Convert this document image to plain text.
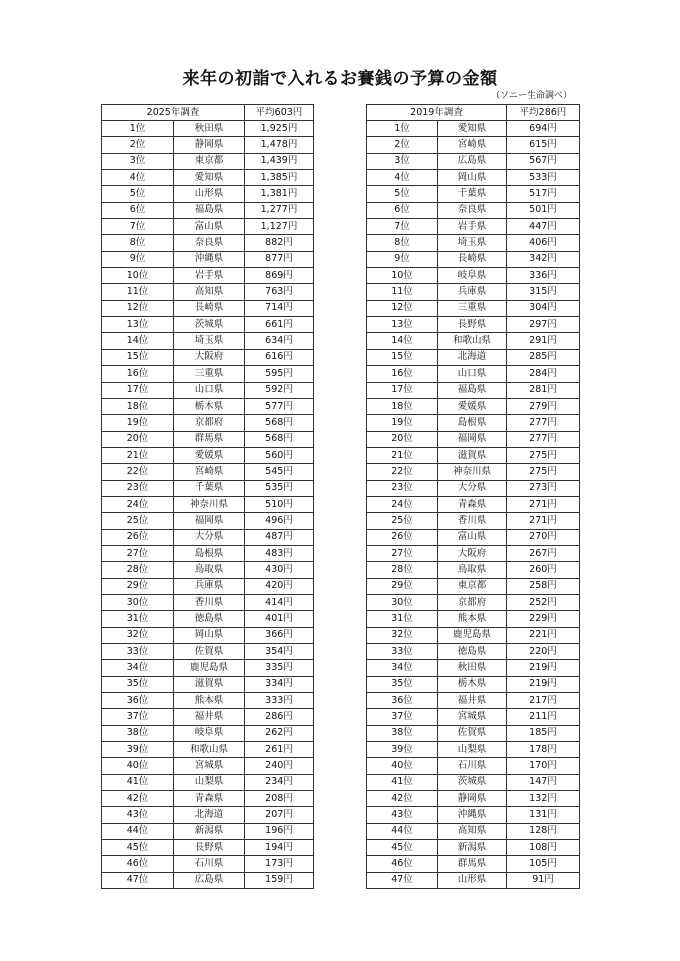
来年の初詣で入れるお賽銭の予算の金額
（ソニー生命調べ）
2025年調査		平均603円
1位	秋田県	1,925円
2位	静岡県	1,478円
3位	東京都	1,439円
4位	愛知県	1,385円
5位	山形県	1,381円
6位	福島県	1,277円
7位	富山県	1,127円
8位	奈良県	882円
9位	沖縄県	877円
10位	岩手県	869円
11位	高知県	763円
12位	長崎県	714円
13位	茨城県	661円
14位	埼玉県	634円
15位	大阪府	616円
16位	三重県	595円
17位	山口県	592円
18位	栃木県	577円
19位	京都府	568円
20位	群馬県	568円
21位	愛媛県	560円
22位	宮崎県	545円
23位	千葉県	535円
24位	神奈川県	510円
25位	福岡県	496円
26位	大分県	487円
27位	島根県	483円
28位	鳥取県	430円
29位	兵庫県	420円
30位	香川県	414円
31位	徳島県	401円
32位	岡山県	366円
33位	佐賀県	354円
34位	鹿児島県	335円
35位	滋賀県	334円
36位	熊本県	333円
37位	福井県	286円
38位	岐阜県	262円
39位	和歌山県	261円
40位	宮城県	240円
41位	山梨県	234円
42位	青森県	208円
43位	北海道	207円
44位	新潟県	196円
45位	長野県	194円
46位	石川県	173円
47位	広島県	159円
2019年調査		平均286円
1位	愛知県	694円
2位	宮崎県	615円
3位	広島県	567円
4位	岡山県	533円
5位	千葉県	517円
6位	奈良県	501円
7位	岩手県	447円
8位	埼玉県	406円
9位	長崎県	342円
10位	岐阜県	336円
11位	兵庫県	315円
12位	三重県	304円
13位	長野県	297円
14位	和歌山県	291円
15位	北海道	285円
16位	山口県	284円
17位	福島県	281円
18位	愛媛県	279円
19位	島根県	277円
20位	福岡県	277円
21位	滋賀県	275円
22位	神奈川県	275円
23位	大分県	273円
24位	青森県	271円
25位	香川県	271円
26位	富山県	270円
27位	大阪府	267円
28位	鳥取県	260円
29位	東京都	258円
30位	京都府	252円
31位	熊本県	229円
32位	鹿児島県	221円
33位	徳島県	220円
34位	秋田県	219円
35位	栃木県	219円
36位	福井県	217円
37位	宮城県	211円
38位	佐賀県	185円
39位	山梨県	178円
40位	石川県	170円
41位	茨城県	147円
42位	静岡県	132円
43位	沖縄県	131円
44位	高知県	128円
45位	新潟県	108円
46位	群馬県	105円
47位	山形県	91円
